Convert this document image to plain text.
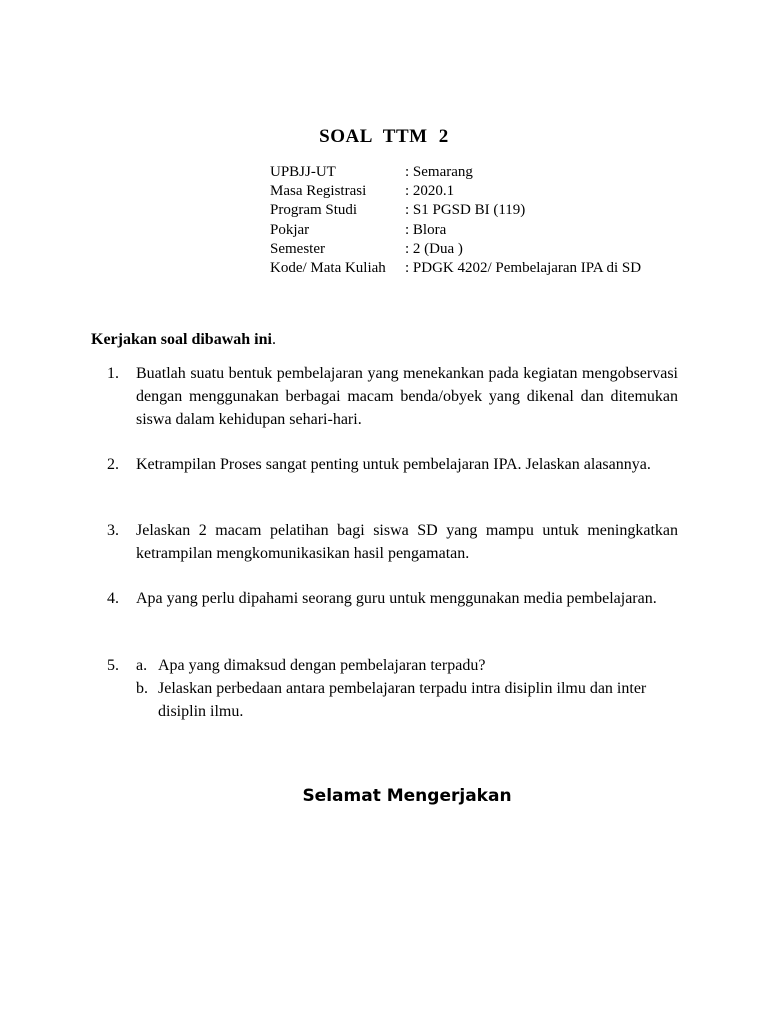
SOAL TTM 2
UPBJJ-UT	: Semarang
Masa Registrasi	: 2020.1
Program Studi	: S1 PGSD BI (119)
Pokjar	: Blora
Semester	: 2 (Dua )
Kode/ Mata Kuliah	: PDGK 4202/ Pembelajaran IPA di SD
Kerjakan soal dibawah ini.
1.	Buatlah suatu bentuk pembelajaran yang menekankan pada kegiatan mengobservasi dengan menggunakan berbagai macam benda/obyek yang dikenal dan ditemukan siswa dalam kehidupan sehari-hari.
2.	Ketrampilan Proses sangat penting untuk pembelajaran IPA. Jelaskan alasannya.
3.	Jelaskan 2 macam pelatihan bagi siswa SD yang mampu untuk meningkatkan ketrampilan mengkomunikasikan hasil pengamatan.
4.	Apa yang perlu dipahami seorang guru untuk menggunakan media pembelajaran.
5.	a. Apa yang dimaksud dengan pembelajaran terpadu?
b. Jelaskan perbedaan antara pembelajaran terpadu intra disiplin ilmu dan inter disiplin ilmu.
Selamat Mengerjakan
